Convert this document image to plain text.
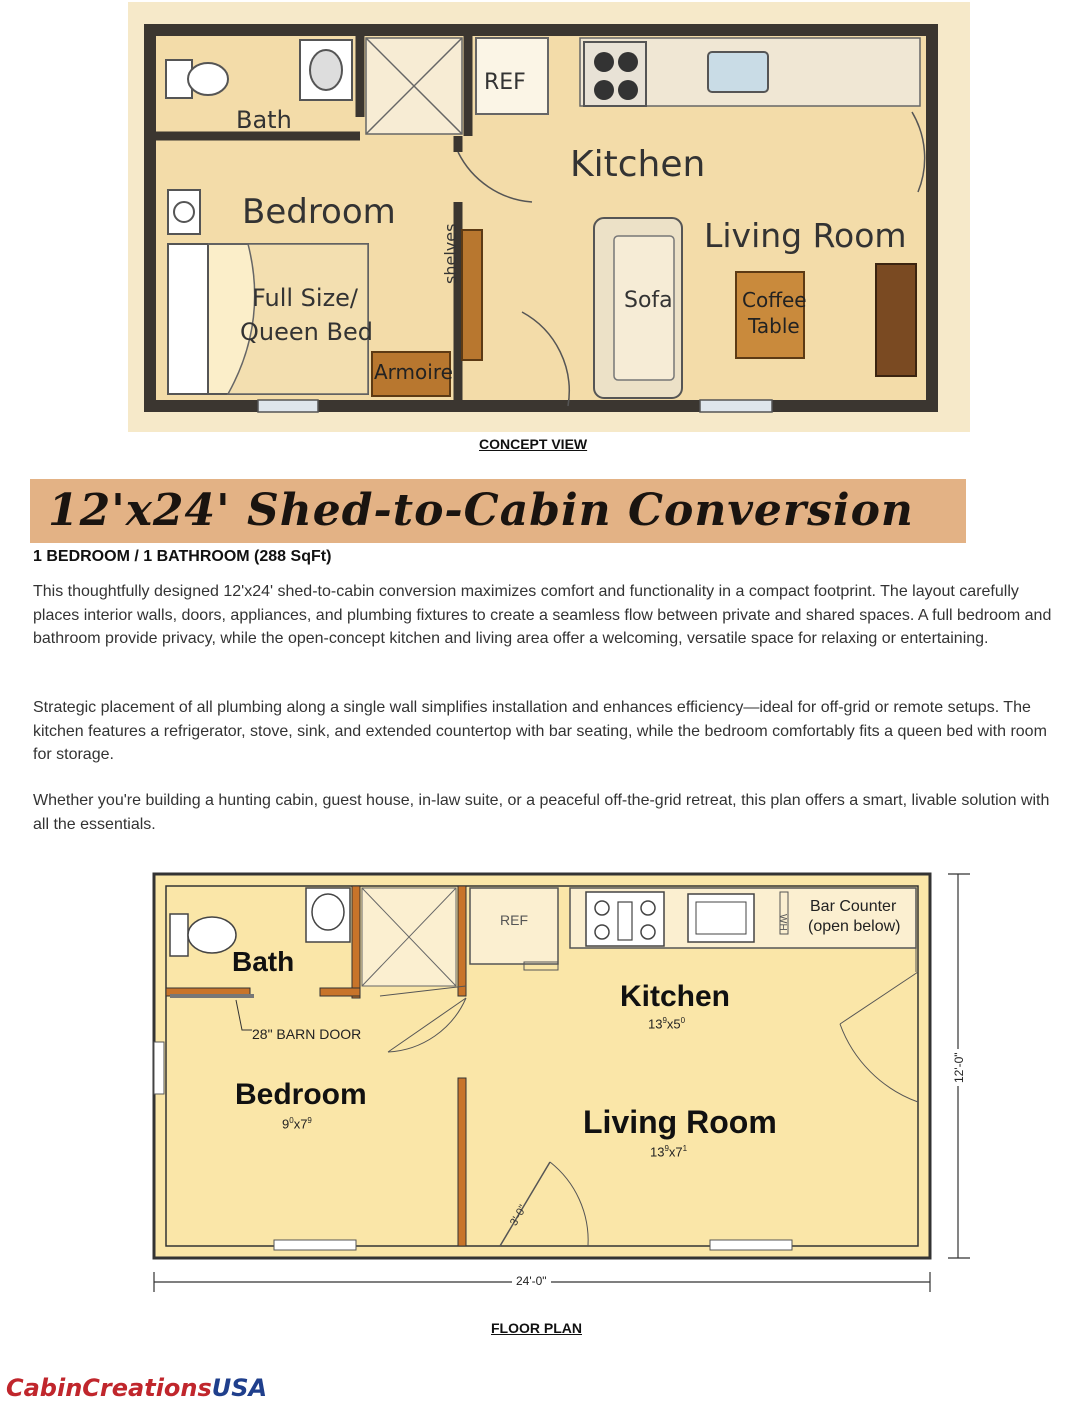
REF
Bath
Kitchen
Bedroom
Living Room
Full Size/
Queen Bed
shelves
Armoire
Sofa	Coffee
Table
CONCEPT VIEW
12'x24' Shed-to-Cabin Conversion
1 BEDROOM / 1 BATHROOM (288 SqFt)
This thoughtfully designed 12'x24' shed-to-cabin conversion maximizes comfort and functionality in a compact footprint. The layout carefully places interior walls, doors, appliances, and plumbing fixtures to create a seamless flow between private and shared spaces. A full bedroom and bathroom provide privacy, while the open-concept kitchen and living area offer a welcoming, versatile space for relaxing or entertaining.
Strategic placement of all plumbing along a single wall simplifies installation and enhances efficiency—ideal for off-grid or remote setups. The kitchen features a refrigerator, stove, sink, and extended countertop with bar seating, while the bedroom comfortably fits a queen bed with room for storage.
Whether you're building a hunting cabin, guest house, in-law suite, or a peaceful off-the-grid retreat, this plan offers a smart, livable solution with all the essentials.
Bath
28" BARN DOOR
REF	WH
Bar Counter
(open below)
Kitchen
$13^9x5^0$
Bedroom
$9^0x7^9$	Living Room
$13^9x7^1$
3'-0"
24'-0"
12'-0"
FLOOR PLAN
CabinCreationsUSA
